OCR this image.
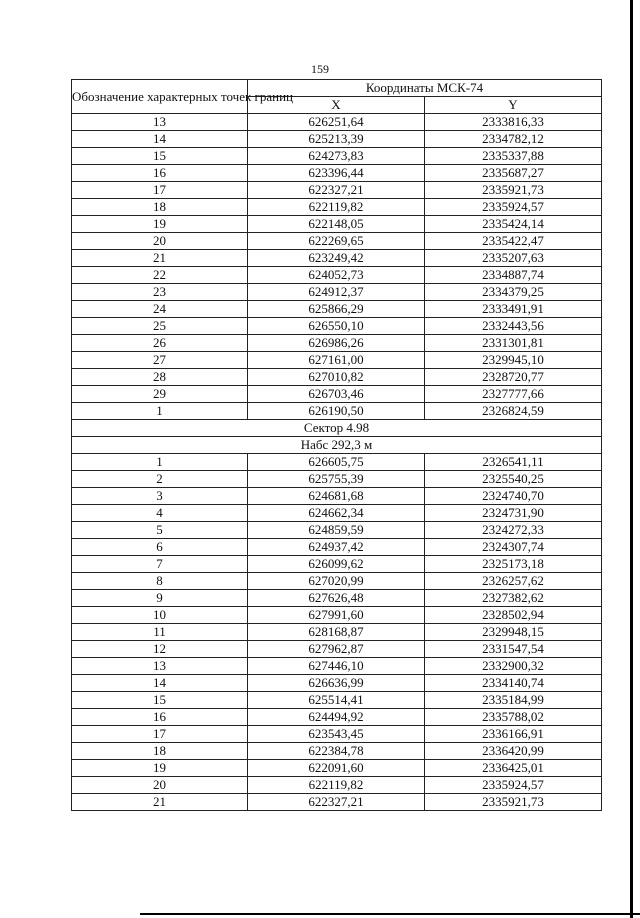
159
Обозначение характерных точек границ	Координаты МСК-74	
	X	Y
13	626251,64	2333816,33
14	625213,39	2334782,12
15	624273,83	2335337,88
16	623396,44	2335687,27
17	622327,21	2335921,73
18	622119,82	2335924,57
19	622148,05	2335424,14
20	622269,65	2335422,47
21	623249,42	2335207,63
22	624052,73	2334887,74
23	624912,37	2334379,25
24	625866,29	2333491,91
25	626550,10	2332443,56
26	626986,26	2331301,81
27	627161,00	2329945,10
28	627010,82	2328720,77
29	626703,46	2327777,66
1	626190,50	2326824,59
Сектор 4.98		
Набс 292,3 м		
1	626605,75	2326541,11
2	625755,39	2325540,25
3	624681,68	2324740,70
4	624662,34	2324731,90
5	624859,59	2324272,33
6	624937,42	2324307,74
7	626099,62	2325173,18
8	627020,99	2326257,62
9	627626,48	2327382,62
10	627991,60	2328502,94
11	628168,87	2329948,15
12	627962,87	2331547,54
13	627446,10	2332900,32
14	626636,99	2334140,74
15	625514,41	2335184,99
16	624494,92	2335788,02
17	623543,45	2336166,91
18	622384,78	2336420,99
19	622091,60	2336425,01
20	622119,82	2335924,57
21	622327,21	2335921,73
